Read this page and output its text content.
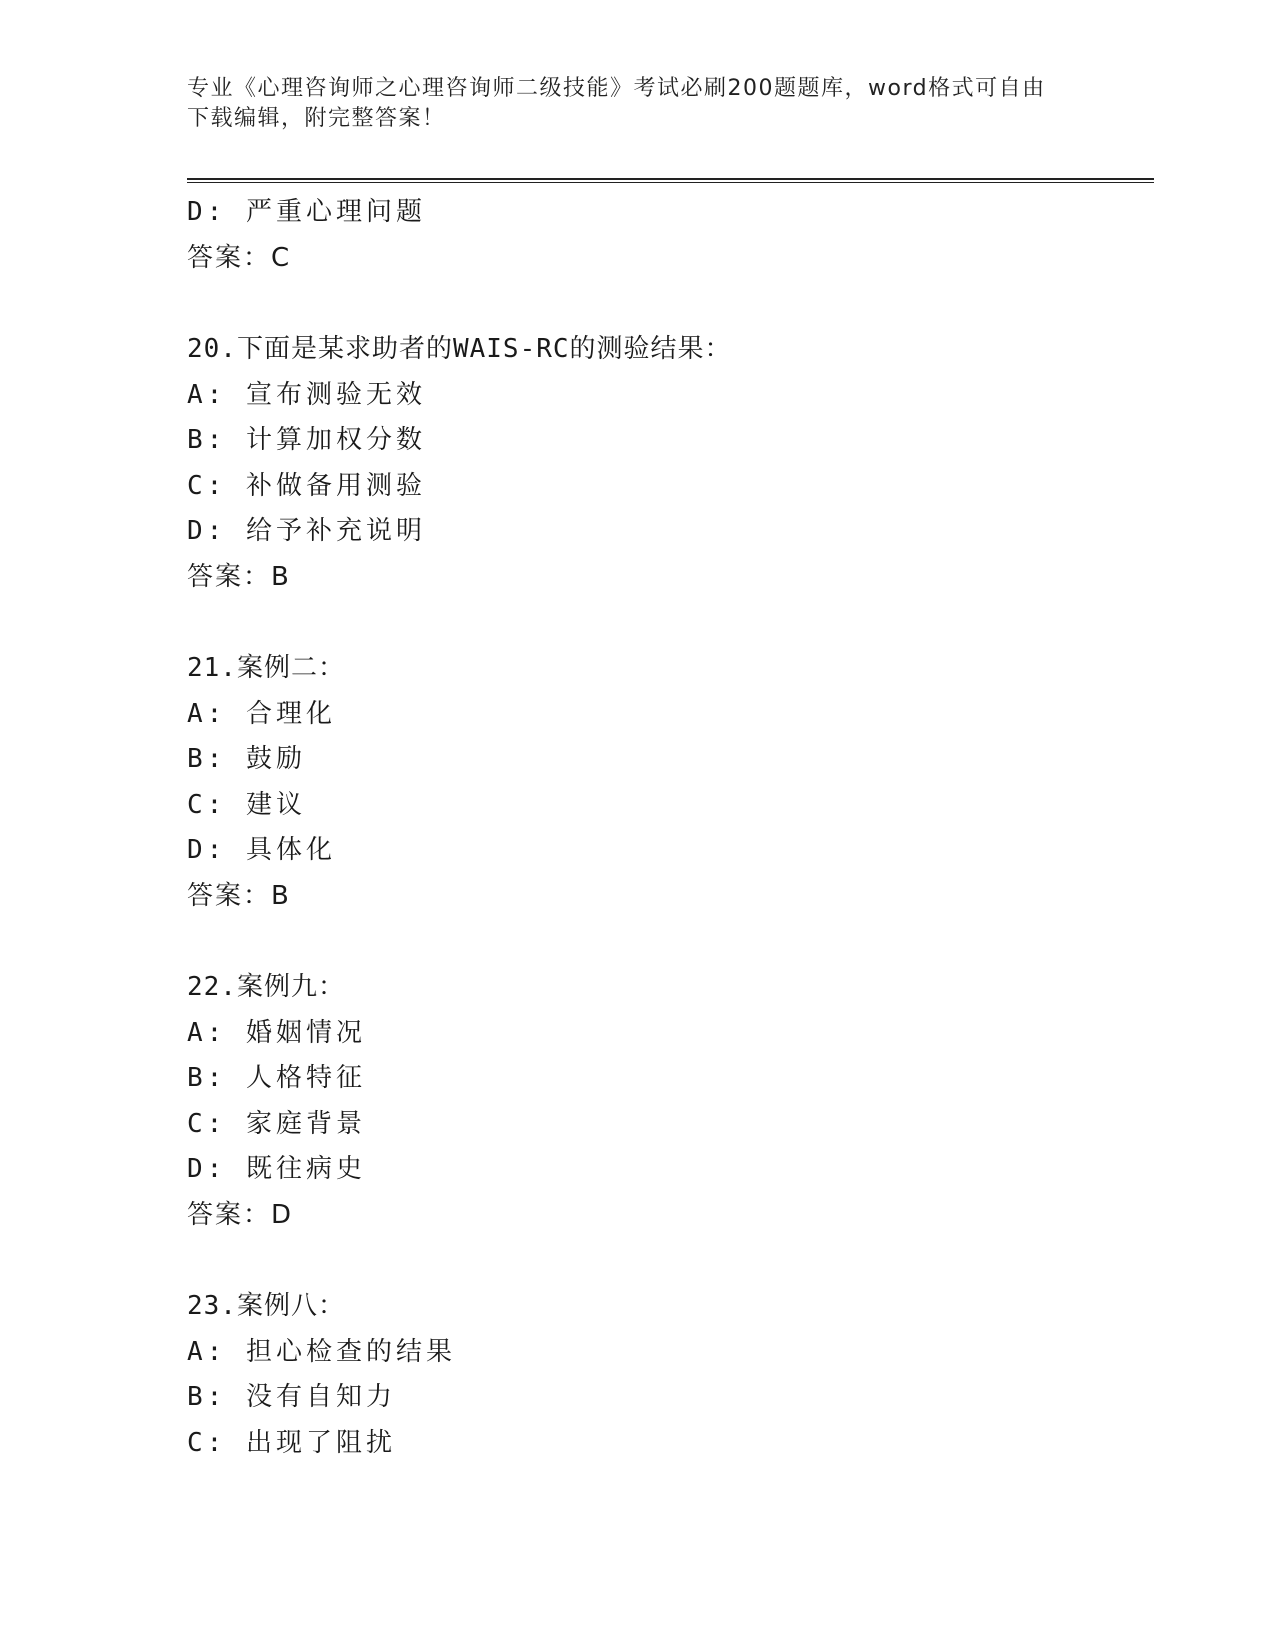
专业《心理咨询师之心理咨询师二级技能》考试必刷200题题库，word格式可自由下载编辑，附完整答案！
D: 严重心理问题
答案：C
20.下面是某求助者的WAIS-RC的测验结果：
A: 宣布测验无效
B: 计算加权分数
C: 补做备用测验
D: 给予补充说明
答案：B
21.案例二：
A: 合理化
B: 鼓励
C: 建议
D: 具体化
答案：B
22.案例九：
A: 婚姻情况
B: 人格特征
C: 家庭背景
D: 既往病史
答案：D
23.案例八：
A: 担心检查的结果
B: 没有自知力
C: 出现了阻扰
